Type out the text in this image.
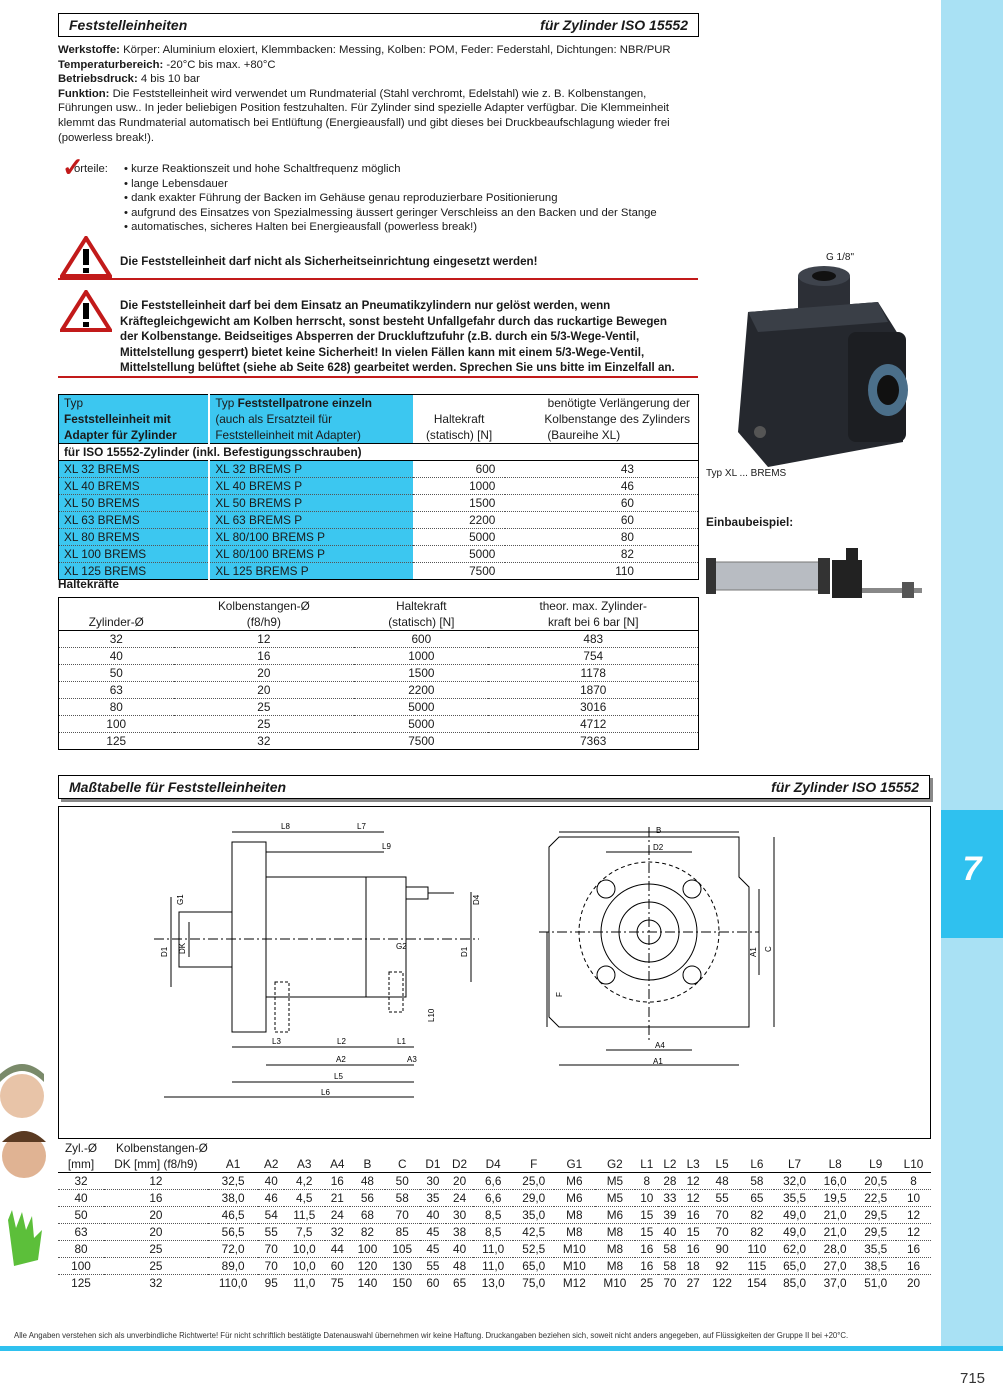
7
715
Feststelleinheiten	für Zylinder ISO 15552
Werkstoffe: Körper: Aluminium eloxiert, Klemmbacken: Messing, Kolben: POM, Feder: Federstahl, Dichtungen: NBR/PUR
Temperaturbereich: -20°C bis max. +80°C
Betriebsdruck: 4 bis 10 bar
Funktion: Die Feststelleinheit wird verwendet um Rundmaterial (Stahl verchromt, Edelstahl) wie z. B. Kolbenstangen, Führungen usw.. In jeder beliebigen Position festzuhalten. Für Zylinder sind spezielle Adapter verfügbar. Die Klemmeinheit klemmt das Rundmaterial automatisch bei Entlüftung (Energieausfall) und gibt dieses bei Druckbeaufschlagung wieder frei (powerless break!).
✓
orteile:	• kurze Reaktionszeit und hohe Schaltfrequenz möglich
• lange Lebensdauer
• dank exakter Führung der Backen im Gehäuse genau reproduzierbare Positionierung
• aufgrund des Einsatzes von Spezialmessing äussert geringer Verschleiss an den Backen und der Stange
• automatisches, sicheres Halten bei Energieausfall (powerless break!)
Die Feststelleinheit darf nicht als Sicherheitseinrichtung eingesetzt werden!
Die Feststelleinheit darf bei dem Einsatz an Pneumatikzylindern nur gelöst werden, wenn Kräftegleichgewicht am Kolben herrscht, sonst besteht Unfallgefahr durch das ruckartige Bewegen der Kolbenstange. Beidseitiges Absperren der Druckluftzufuhr (z.B. durch ein 5/3-Wege-Ventil, Mittelstellung gesperrt) bietet keine Sicherheit! In vielen Fällen kann mit einem 5/3-Wege-Ventil, Mittelstellung belüftet (siehe ab Seite 628) gearbeitet werden. Sprechen Sie uns bitte im Einzelfall an.
Typ	Typ Feststellpatrone einzeln		benötigte Verlängerung der
Feststelleinheit mit	(auch als Ersatzteil für	Haltekraft	Kolbenstange des Zylinders
Adapter für Zylinder	Feststelleinheit mit Adapter)	(statisch) [N]	(Baureihe XL)
für ISO 15552-Zylinder (inkl. Befestigungsschrauben)			
XL 32 BREMS	XL 32 BREMS P	600	43
XL 40 BREMS	XL 40 BREMS P	1000	46
XL 50 BREMS	XL 50 BREMS P	1500	60
XL 63 BREMS	XL 63 BREMS P	2200	60
XL 80 BREMS	XL 80/100 BREMS P	5000	80
XL 100 BREMS	XL 80/100 BREMS P	5000	82
XL 125 BREMS	XL 125 BREMS P	7500	110
Haltekräfte
	Kolbenstangen-Ø	Haltekraft	theor. max. Zylinder-
Zylinder-Ø	(f8/h9)	(statisch) [N]	kraft bei 6 bar [N]
32	12	600	483
40	16	1000	754
50	20	1500	1178
63	20	2200	1870
80	25	5000	3016
100	25	5000	4712
125	32	7500	7363
G 1/8"
Typ XL ... BREMS
Einbaubeispiel:
Maßtabelle für Feststelleinheiten	für Zylinder ISO 15552
L8	L7
L9
G1	D4
D1 DK	G2
D1
L10
L3	L2	L1
A2	A3
L5
L6
B
D2
A1 C
F
A4
A1
Zyl.-Ø	Kolbenstangen-Ø																					
[mm]	DK [mm] (f8/h9)	A1	A2	A3	A4	B	C	D1	D2	D4	F	G1	G2	L1	L2	L3	L5	L6	L7	L8	L9	L10
32	12	32,5	40	4,2	16	48	50	30	20	6,6	25,0	M6	M5	8	28	12	48	58	32,0	16,0	20,5	8
40	16	38,0	46	4,5	21	56	58	35	24	6,6	29,0	M6	M5	10	33	12	55	65	35,5	19,5	22,5	10
50	20	46,5	54	11,5	24	68	70	40	30	8,5	35,0	M8	M6	15	39	16	70	82	49,0	21,0	29,5	12
63	20	56,5	55	7,5	32	82	85	45	38	8,5	42,5	M8	M8	15	40	15	70	82	49,0	21,0	29,5	12
80	25	72,0	70	10,0	44	100	105	45	40	11,0	52,5	M10	M8	16	58	16	90	110	62,0	28,0	35,5	16
100	25	89,0	70	10,0	60	120	130	55	48	11,0	65,0	M10	M8	16	58	18	92	115	65,0	27,0	38,5	16
125	32	110,0	95	11,0	75	140	150	60	65	13,0	75,0	M12	M10	25	70	27	122	154	85,0	37,0	51,0	20
Alle Angaben verstehen sich als unverbindliche Richtwerte! Für nicht schriftlich bestätigte Datenauswahl übernehmen wir keine Haftung. Druckangaben beziehen sich, soweit nicht anders angegeben, auf Flüssigkeiten der Gruppe II bei +20°C.
